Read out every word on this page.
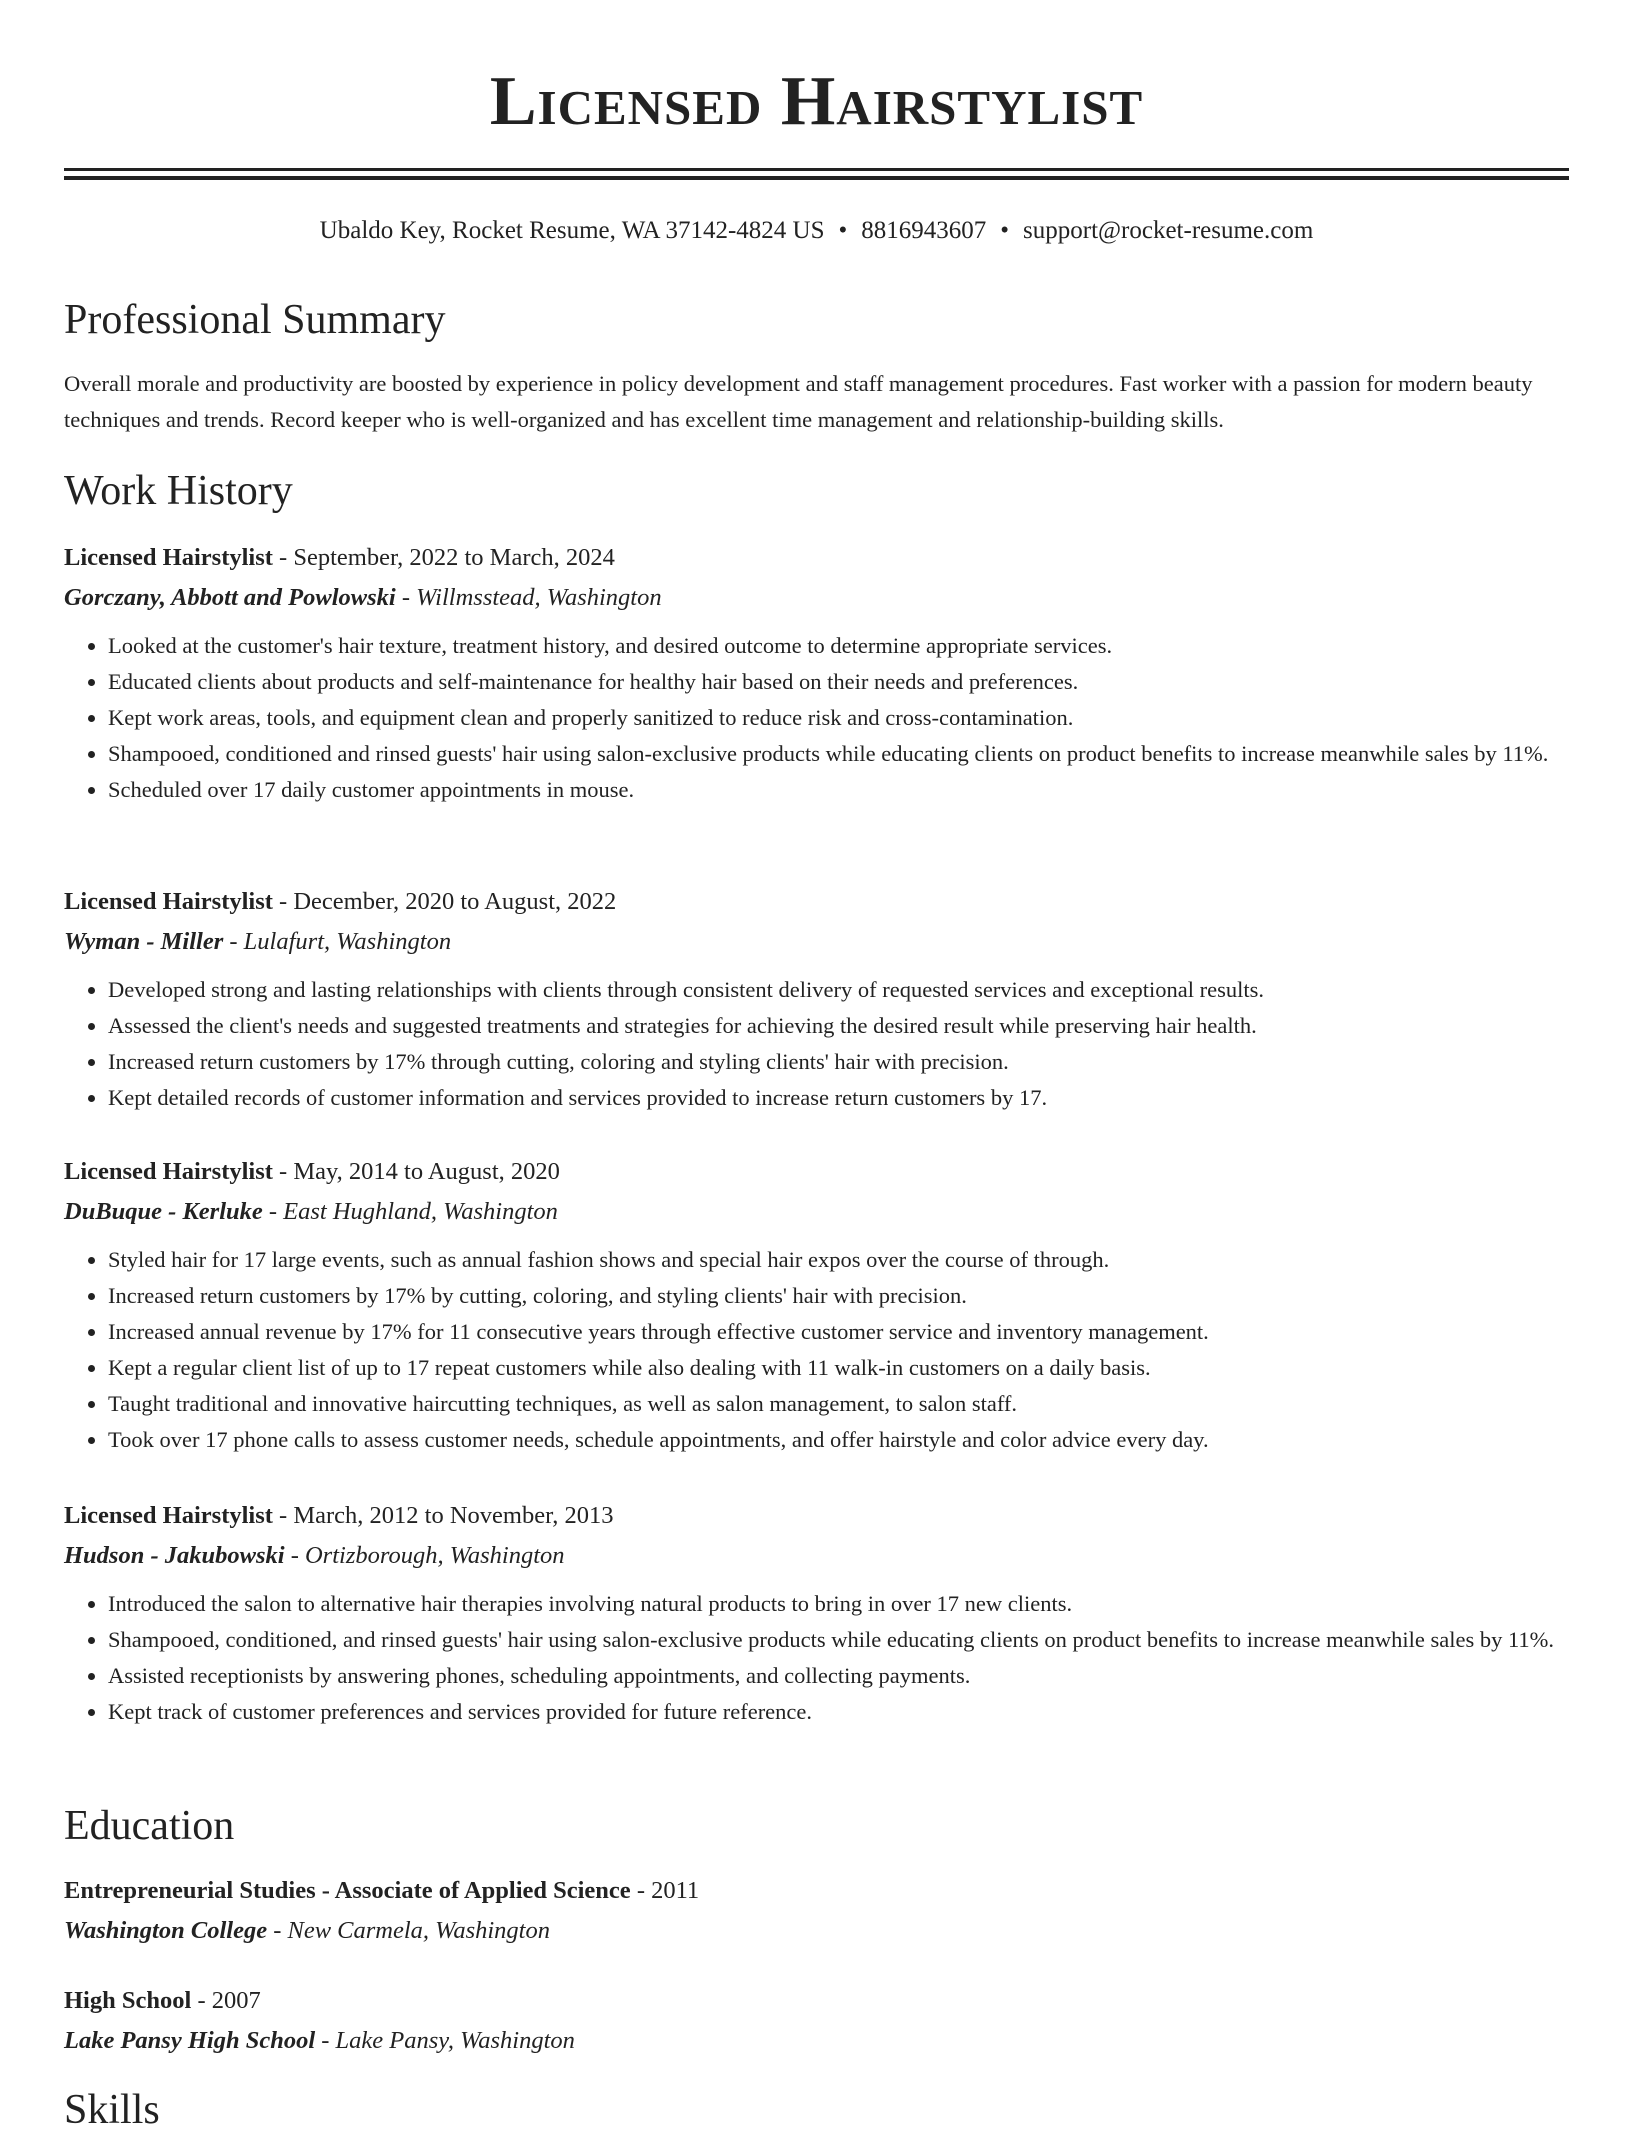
Licensed Hairstylist
Ubaldo Key, Rocket Resume, WA 37142-4824 US • 8816943607 • support@rocket-resume.com
Professional Summary
Overall morale and productivity are boosted by experience in policy development and staff management procedures. Fast worker with a passion for modern beauty techniques and trends. Record keeper who is well-organized and has excellent time management and relationship-building skills.
Work History
Licensed Hairstylist - September, 2022 to March, 2024
Gorczany, Abbott and Powlowski - Willmsstead, Washington
• Looked at the customer's hair texture, treatment history, and desired outcome to determine appropriate services.
• Educated clients about products and self-maintenance for healthy hair based on their needs and preferences.
• Kept work areas, tools, and equipment clean and properly sanitized to reduce risk and cross-contamination.
• Shampooed, conditioned and rinsed guests' hair using salon-exclusive products while educating clients on product benefits to increase meanwhile sales by 11%.
• Scheduled over 17 daily customer appointments in mouse.
Licensed Hairstylist - December, 2020 to August, 2022
Wyman - Miller - Lulafurt, Washington
• Developed strong and lasting relationships with clients through consistent delivery of requested services and exceptional results.
• Assessed the client's needs and suggested treatments and strategies for achieving the desired result while preserving hair health.
• Increased return customers by 17% through cutting, coloring and styling clients' hair with precision.
• Kept detailed records of customer information and services provided to increase return customers by 17.
Licensed Hairstylist - May, 2014 to August, 2020
DuBuque - Kerluke - East Hughland, Washington
• Styled hair for 17 large events, such as annual fashion shows and special hair expos over the course of through.
• Increased return customers by 17% by cutting, coloring, and styling clients' hair with precision.
• Increased annual revenue by 17% for 11 consecutive years through effective customer service and inventory management.
• Kept a regular client list of up to 17 repeat customers while also dealing with 11 walk-in customers on a daily basis.
• Taught traditional and innovative haircutting techniques, as well as salon management, to salon staff.
• Took over 17 phone calls to assess customer needs, schedule appointments, and offer hairstyle and color advice every day.
Licensed Hairstylist - March, 2012 to November, 2013
Hudson - Jakubowski - Ortizborough, Washington
• Introduced the salon to alternative hair therapies involving natural products to bring in over 17 new clients.
• Shampooed, conditioned, and rinsed guests' hair using salon-exclusive products while educating clients on product benefits to increase meanwhile sales by 11%.
• Assisted receptionists by answering phones, scheduling appointments, and collecting payments.
• Kept track of customer preferences and services provided for future reference.
Education
Entrepreneurial Studies - Associate of Applied Science - 2011
Washington College - New Carmela, Washington
High School - 2007
Lake Pansy High School - Lake Pansy, Washington
Skills
